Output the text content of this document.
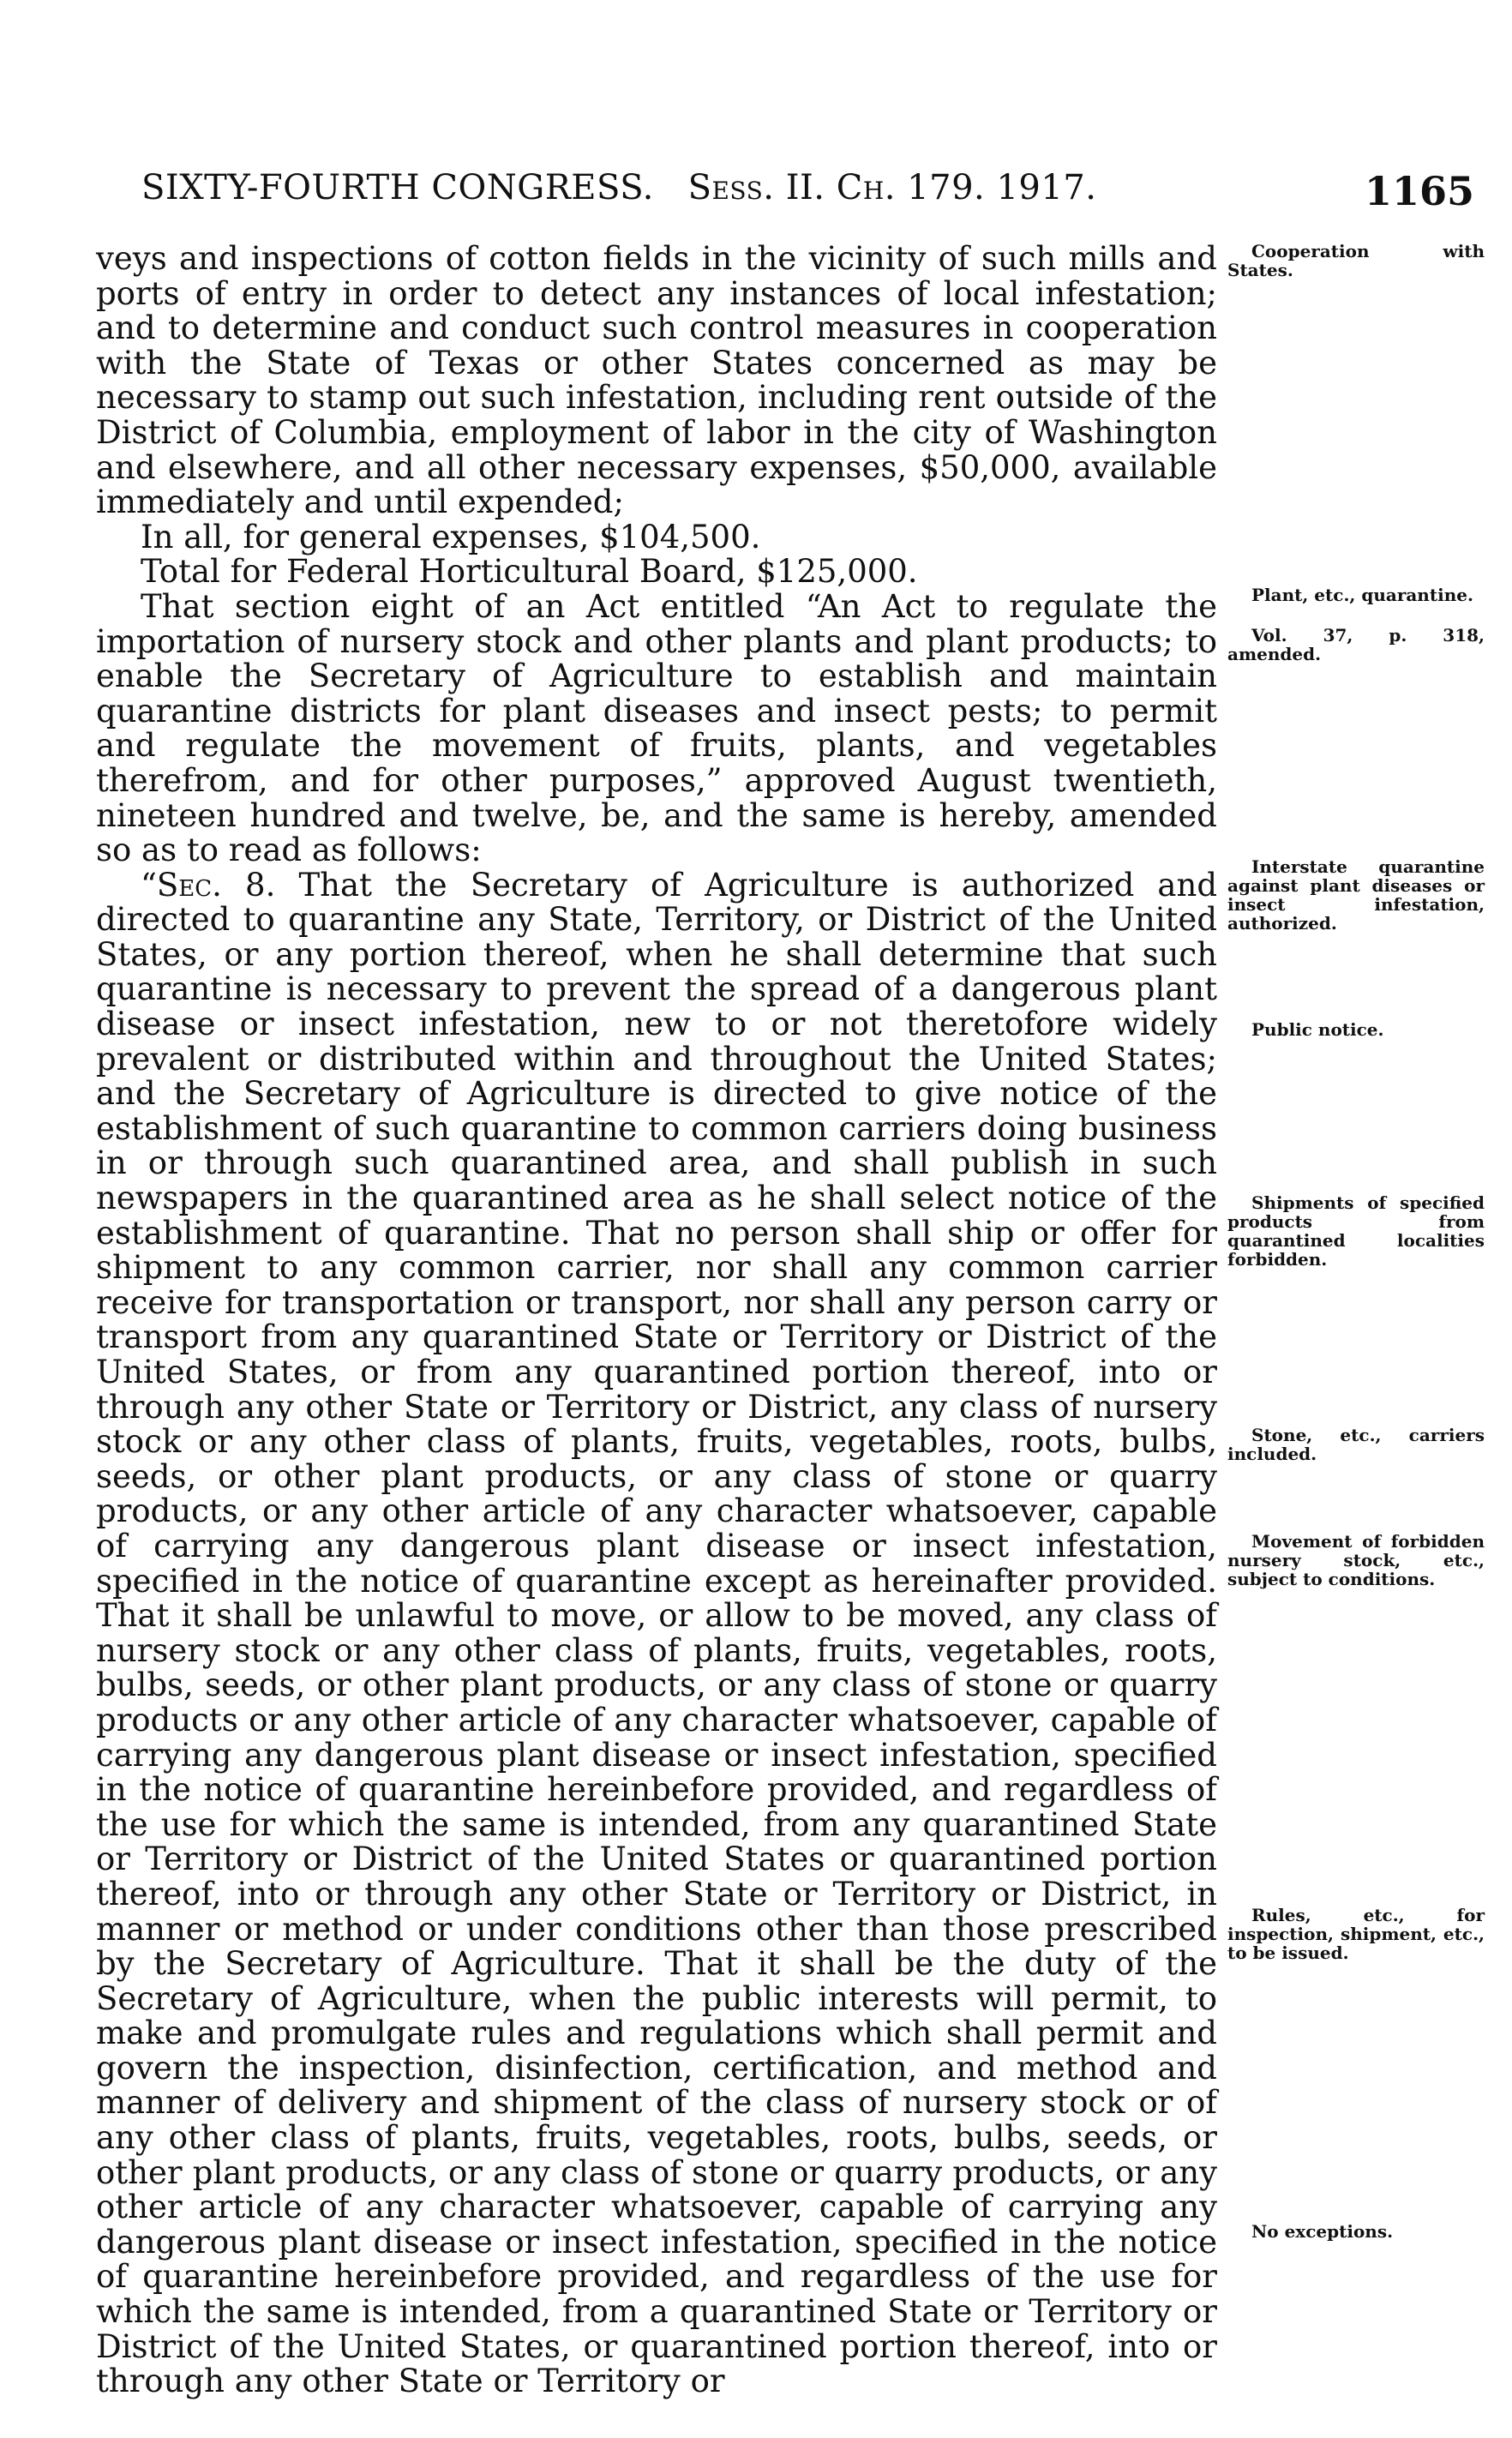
SIXTY-FOURTH CONGRESS. Sess. II. Ch. 179. 1917.	1165

veys and inspections of cotton fields in the vicinity of such mills and ports of entry in order to detect any instances of local infestation; and to determine and conduct such control measures in cooperation with the State of Texas or other States concerned as may be necessary to stamp out such infestation, including rent outside of the District of Columbia, employment of labor in the city of Washington and elsewhere, and all other necessary expenses, $50,000, available immediately and until expended;

In all, for general expenses, $104,500.

Total for Federal Horticultural Board, $125,000.

That section eight of an Act entitled “An Act to regulate the importation of nursery stock and other plants and plant products; to enable the Secretary of Agriculture to establish and maintain quarantine districts for plant diseases and insect pests; to permit and regulate the movement of fruits, plants, and vegetables therefrom, and for other purposes,” approved August twentieth, nineteen hundred and twelve, be, and the same is hereby, amended so as to read as follows:

“Sec. 8. That the Secretary of Agriculture is authorized and directed to quarantine any State, Territory, or District of the United States, or any portion thereof, when he shall determine that such quarantine is necessary to prevent the spread of a dangerous plant disease or insect infestation, new to or not theretofore widely prevalent or distributed within and throughout the United States; and the Secretary of Agriculture is directed to give notice of the establishment of such quarantine to common carriers doing business in or through such quarantined area, and shall publish in such newspapers in the quarantined area as he shall select notice of the establishment of quarantine. That no person shall ship or offer for shipment to any common carrier, nor shall any common carrier receive for transportation or transport, nor shall any person carry or transport from any quarantined State or Territory or District of the United States, or from any quarantined portion thereof, into or through any other State or Territory or District, any class of nursery stock or any other class of plants, fruits, vegetables, roots, bulbs, seeds, or other plant products, or any class of stone or quarry products, or any other article of any character whatsoever, capable of carrying any dangerous plant disease or insect infestation, specified in the notice of quarantine except as hereinafter provided. That it shall be unlawful to move, or allow to be moved, any class of nursery stock or any other class of plants, fruits, vegetables, roots, bulbs, seeds, or other plant products, or any class of stone or quarry products or any other article of any character whatsoever, capable of carrying any dangerous plant disease or insect infestation, specified in the notice of quarantine hereinbefore provided, and regardless of the use for which the same is intended, from any quarantined State or Territory or District of the United States or quarantined portion thereof, into or through any other State or Territory or District, in manner or method or under conditions other than those prescribed by the Secretary of Agriculture. That it shall be the duty of the Secretary of Agriculture, when the public interests will permit, to make and promulgate rules and regulations which shall permit and govern the inspection, disinfection, certification, and method and manner of delivery and shipment of the class of nursery stock or of any other class of plants, fruits, vegetables, roots, bulbs, seeds, or other plant products, or any class of stone or quarry products, or any other article of any character whatsoever, capable of carrying any dangerous plant disease or insect infestation, specified in the notice of quarantine hereinbefore provided, and regardless of the use for which the same is intended, from a quarantined State or Territory or District of the United States, or quarantined portion thereof, into or through any other State or Territory or

Cooperation with States.
Plant, etc., quarantine.
Vol. 37, p. 318, amended.
Interstate quarantine against plant diseases or insect infestation, authorized.
Public notice.
Shipments of specified products from quarantined localities forbidden.
Stone, etc., carriers included.
Movement of forbidden nursery stock, etc., subject to conditions.
Rules, etc., for inspection, shipment, etc., to be issued.
No exceptions.
